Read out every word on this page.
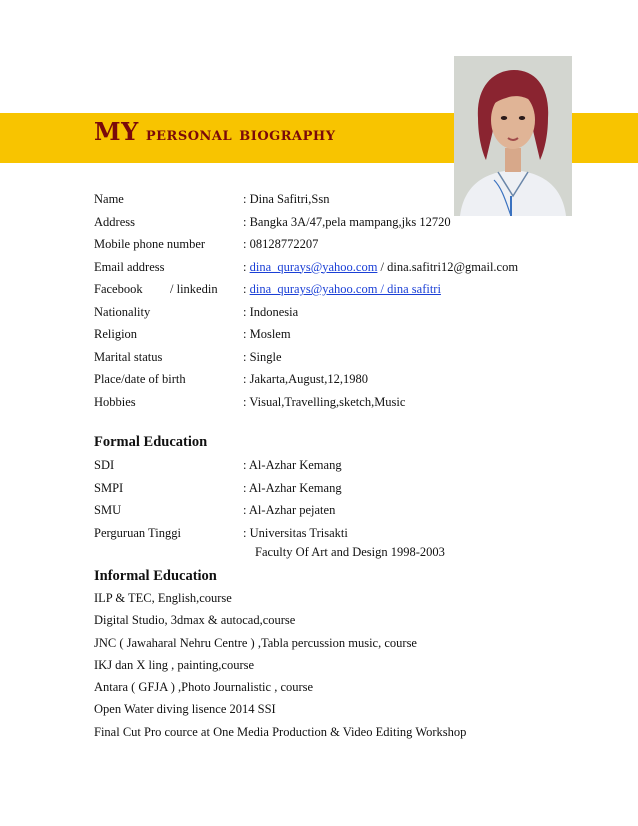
MY personal biography
Name	: Dina Safitri,Ssn
Address	: Bangka 3A/47,pela mampang,jks 12720
Mobile phone number	: 08128772207
Email address	: dina_qurays@yahoo.com / dina.safitri12@gmail.com
Facebook / linkedin : dina_qurays@yahoo.com / dina safitri
Nationality	: Indonesia
Religion	: Moslem
Marital status	: Single
Place/date of birth	: Jakarta,August,12,1980
Hobbies	: Visual,Travelling,sketch,Music
Formal Education
SDI	: Al-Azhar Kemang
SMPI	: Al-Azhar Kemang
SMU	: Al-Azhar pejaten
Perguruan Tinggi	: Universitas Trisakti
Faculty Of Art and Design 1998-2003
Informal Education
ILP & TEC, English,course
Digital Studio, 3dmax & autocad,course
JNC ( Jawaharal Nehru Centre ) ,Tabla percussion music, course
IKJ dan X ling , painting,course
Antara ( GFJA ) ,Photo Journalistic , course
Open Water diving lisence 2014 SSI
Final Cut Pro cource at One Media Production & Video Editing Workshop
